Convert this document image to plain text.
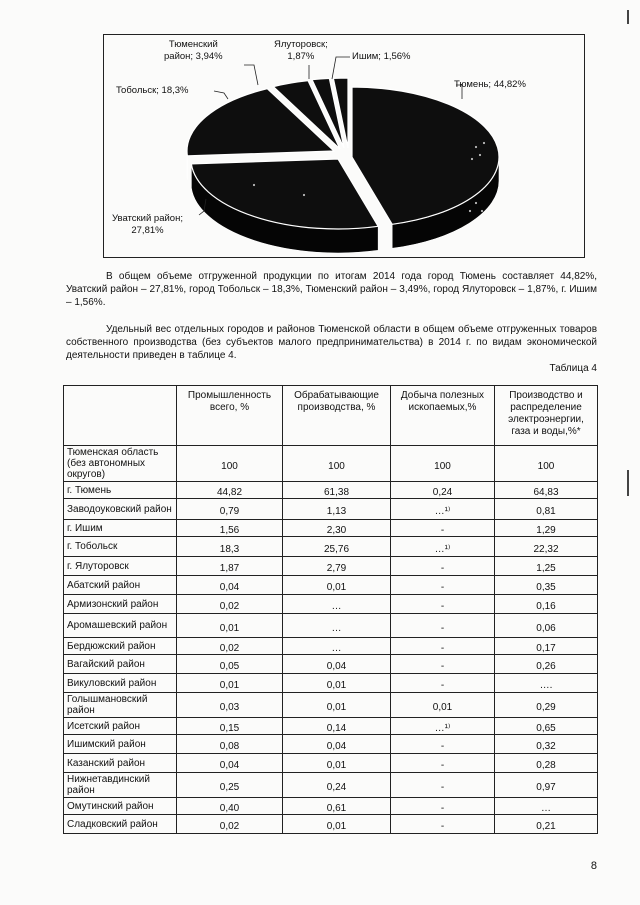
Тюмень; 44,82%
Уватский район;
27,81%
Тобольск; 18,3%
Тюменский
район; 3,94%
Ялуторовск;
1,87%	Ишим; 1,56%
В общем объеме отгруженной продукции по итогам 2014 года город Тюмень составляет 44,82%, Уватский район – 27,81%, город Тобольск – 18,3%, Тюменский район – 3,49%, город Ялуторовск – 1,87%, г. Ишим – 1,56%.
Удельный вес отдельных городов и районов Тюменской области в общем объеме отгруженных товаров собственного производства (без субъектов малого предпринимательства) в 2014 г. по видам экономической деятельности приведен в таблице 4.
Таблица 4
	Промышленность всего, %	Обрабатывающие производства, %	Добыча полезных ископаемых,%	Производство и распределение электроэнергии, газа и воды,%*
Тюменская область (без автономных округов)	100	100	100	100
г. Тюмень	44,82	61,38	0,24	64,83
Заводоуковский район	0,79	1,13	…¹⁾	0,81
г. Ишим	1,56	2,30	-	1,29
г. Тобольск	18,3	25,76	…¹⁾	22,32
г. Ялуторовск	1,87	2,79	-	1,25
Абатский район	0,04	0,01	-	0,35
Армизонский район	0,02	…	-	0,16
Аромашевский район	0,01	…	-	0,06
Бердюжский район	0,02	…	-	0,17
Вагайский район	0,05	0,04	-	0,26
Викуловский район	0,01	0,01	-	….
Голышмановский район	0,03	0,01	0,01	0,29
Исетский район	0,15	0,14	…¹⁾	0,65
Ишимский район	0,08	0,04	-	0,32
Казанский район	0,04	0,01	-	0,28
Нижнетавдинский район	0,25	0,24	-	0,97
Омутинский район	0,40	0,61	-	…
Сладковский район	0,02	0,01	-	0,21
8
